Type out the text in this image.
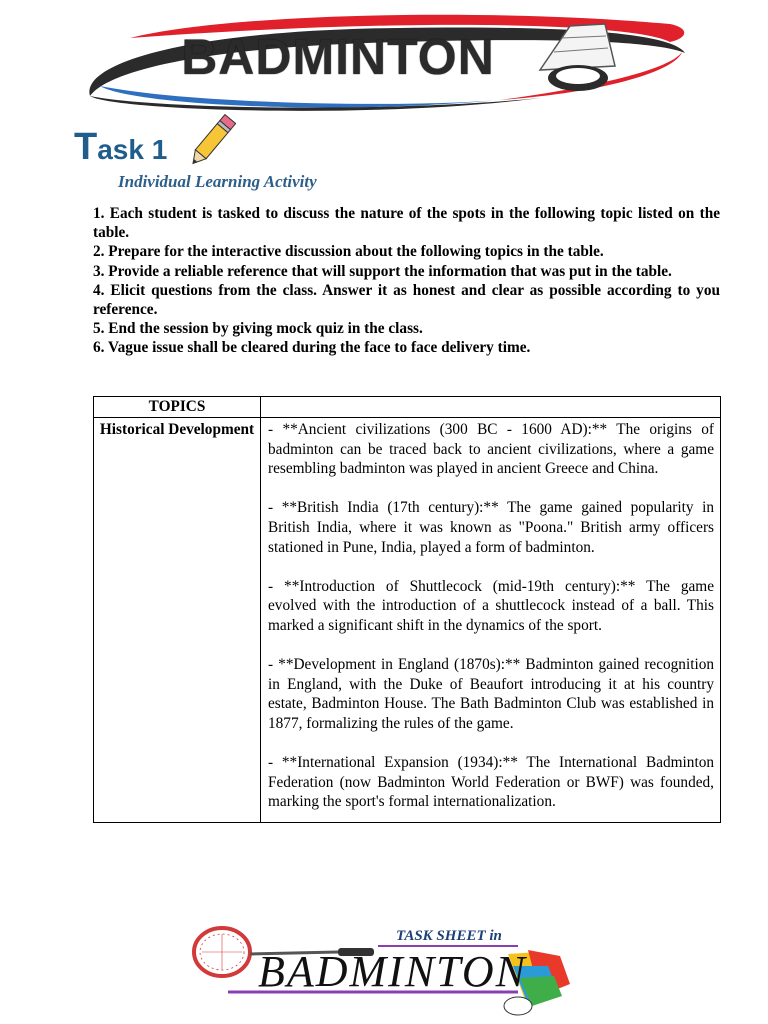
BADMINTON
Task 1
Individual Learning Activity

1. Each student is tasked to discuss the nature of the spots in the following topic listed on the table.

2. Prepare for the interactive discussion about the following topics in the table.

3. Provide a reliable reference that will support the information that was put in the table.

4. Elicit questions from the class. Answer it as honest and clear as possible according to you reference.

5. End the session by giving mock quiz in the class.

6. Vague issue shall be cleared during the face to face delivery time.

TOPICS	
Historical Development	- **Ancient civilizations (300 BC - 1600 AD):** The origins of badminton can be traced back to ancient civilizations, where a game resembling badminton was played in ancient Greece and China.

- **British India (17th century):** The game gained popularity in British India, where it was known as "Poona." British army officers stationed in Pune, India, played a form of badminton.

- **Introduction of Shuttlecock (mid-19th century):** The game evolved with the introduction of a shuttlecock instead of a ball. This marked a significant shift in the dynamics of the sport.

- **Development in England (1870s):** Badminton gained recognition in England, with the Duke of Beaufort introducing it at his country estate, Badminton House. The Bath Badminton Club was established in 1877, formalizing the rules of the game.

- **International Expansion (1934):** The International Badminton Federation (now Badminton World Federation or BWF) was founded, marking the sport's formal internationalization.

TASK SHEET in
BADMINTON
